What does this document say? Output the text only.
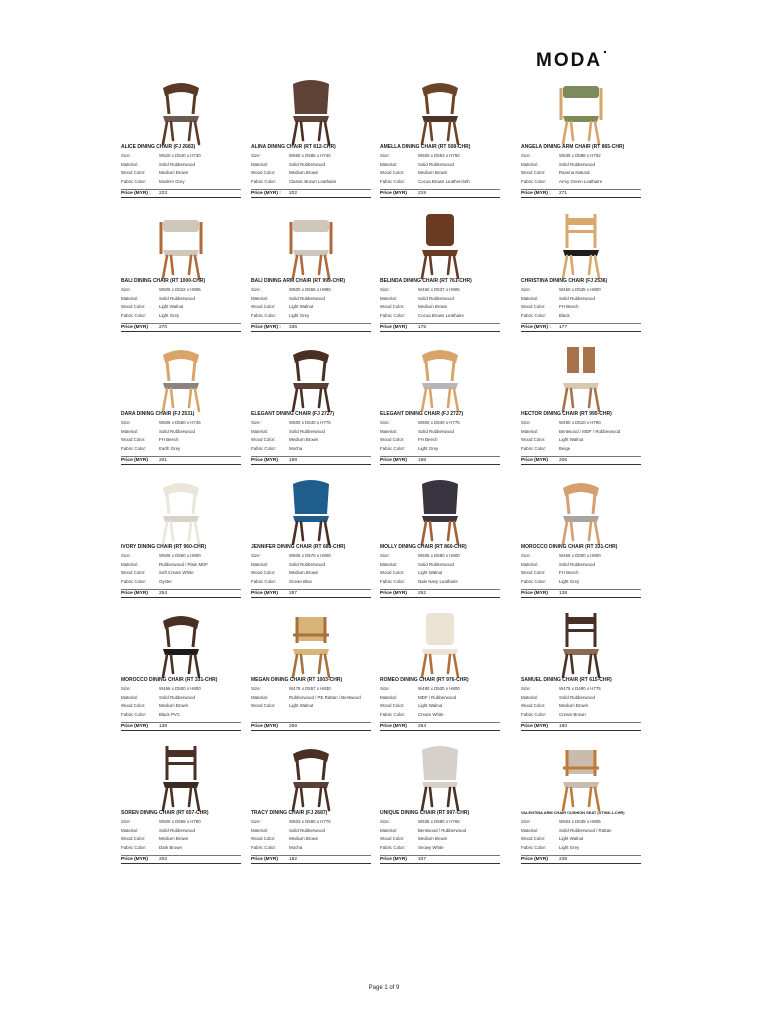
MODA
ALICE DINING CHAIR (FJ 2683)
Size:	W520 x D540 x H730
Material:	Solid Rubberwood
Wood Color:	Medium Brown
Fabric Color:	Modern Grey
Price (MYR) : 223
ALINA DINING CHAIR (RT 812-CHR)
Size:	W550 x D585 x H740
Material:	Solid Rubberwood
Wood Color:	Medium Brown
Fabric Color:	Classic Brown Leathaire
Price (MYR) : 202
AMELLA DINING CHAIR (RT 508-CHR)
Size:	W550 x D553 x H750
Material:	Solid Rubberwood
Wood Color:	Medium Brown
Fabric Color:	Cocoa Brown Leathercloth
Price (MYR) 219
ANGELA DINING ARM CHAIR (RT 865-CHR)
Size:	W535 x D588 x H782
Material:	Solid Rubberwood
Wood Color:	Ravena Natural
Fabric Color:	Army Green Leathaire
Price (MYR) : 271
BALI DINING CHAIR (RT 1000-CHR)
Size:	W506 x D622 x H805
Material:	Solid Rubberwood
Wood Color:	Light Walnut
Fabric Color:	Light Grey
Price (MYR) 270
BALI DINING ARM CHAIR (RT 999-CHR)
Size:	W500 x D655 x H880
Material:	Solid Rubberwood
Wood Color:	Light Walnut
Fabric Color:	Light Grey
Price (MYR) : 336
BELINDA DINING CHAIR (RT 761-CHR)
Size:	W460 x D537 x H806
Material:	Solid Rubberwood
Wood Color:	Medium Brown
Fabric Color:	Cocoa Brown Leathaire
Price (MYR) 175
CHRISTINA DINING CHAIR (FJ 2536)
Size:	W460 x D535 x H800
Material:	Solid Rubberwood
Wood Color:	FH Beech
Fabric Color:	Black
Price (MYR) : 177
DARA DINING CHAIR (FJ 2531)
Size:	W506 x D560 x H745
Material:	Solid Rubberwood
Wood Color:	FH Beech
Fabric Color:	Earth Grey
Price (MYR) 201
ELEGANT DINING CHAIR (FJ 2727)
Size:	W500 x D540 x H775
Material:	Solid Rubberwood
Wood Color:	Medium Brown
Fabric Color:	Mocha
Price (MYR) 198
ELEGANT DINING CHAIR (FJ 2727)
Size:	W500 x D540 x H775
Material:	Solid Rubberwood
Wood Color:	FH Beech
Fabric Color:	Light Grey
Price (MYR) 198
HECTOR DINING CHAIR (RT 995-CHR)
Size:	W490 x D510 x H790
Material:	Bentwood / MDF / Rubberwood
Wood Color:	Light Walnut
Fabric Color:	Beige
Price (MYR) 206
IVORY DINING CHAIR (RT 960-CHR)
Size:	W506 x D560 x H800
Material:	Rubberwood / Plain MDF
Wood Color:	Soft Cream White
Fabric Color:	Oyster
Price (MYR) 254
JENNIFER DINING CHAIR (RT 688-CHR)
Size:	W506 x D570 x H800
Material:	Solid Rubberwood
Wood Color:	Medium Brown
Fabric Color:	Ocean Blue
Price (MYR) 287
MOLLY DINING CHAIR (RT 860-CHR)
Size:	W505 x D580 x H800
Material:	Solid Rubberwood
Wood Color:	Light Walnut
Fabric Color:	Nale Navy Leathaire
Price (MYR) 252
MOROCCO DINING CHAIR (RT 331-CHR)
Size:	W466 x D500 x H800
Material:	Solid Rubberwood
Wood Color:	FH Beech
Fabric Color:	Light Grey
Price (MYR) 138
MOROCCO DINING CHAIR (RT 331-CHR)
Size:	W466 x D500 x H800
Material:	Solid Rubberwood
Wood Color:	Medium Brown
Fabric Color:	Black PVC
Price (MYR) 138
MEGAN DINING CHAIR (RT 1003-CHR)
Size:	W478 x D557 x H830
Material:	Rubberwood / PE Rattan / Bentwood
Wood Color:	Light Walnut
Price (MYR) 259
ROMEO DINING CHAIR (RT 976-CHR)
Size:	W480 x D530 x H800
Material:	MDF / Rubberwood
Wood Color:	Light Walnut
Fabric Color:	Cream White
Price (MYR) 254
SAMUEL DINING CHAIR (RT 615-CHR)
Size:	W475 x D490 x H775
Material:	Solid Rubberwood
Wood Color:	Medium Brown
Fabric Color:	Cream Brown
Price (MYR) 160
SOREN DINING CHAIR (RT 657-CHR)
Size:	W500 x D555 x H780
Material:	Solid Rubberwood
Wood Color:	Medium Brown
Fabric Color:	Dark Brown
Price (MYR) 202
TRACY DINING CHAIR (FJ 2687)
Size:	W503 x D580 x H776
Material:	Solid Rubberwood
Wood Color:	Medium Brown
Fabric Color:	Mocha
Price (MYR) 182
UNIQUE DINING CHAIR (RT 997-CHR)
Size:	W535 x D580 x H765
Material:	Bentwood / Rubberwood
Wood Color:	Medium Brown
Fabric Color:	Snowy White
Price (MYR) 337
VALENTINA ARM CHAIR CUSHION SEAT (ST966-1-CHR)
Size:	W564 x D635 x H805
Material:	Solid Rubberwood / Rattan
Wood Color:	Light Walnut
Fabric Color:	Light Grey
Price (MYR) 239
Page 1 of 9
